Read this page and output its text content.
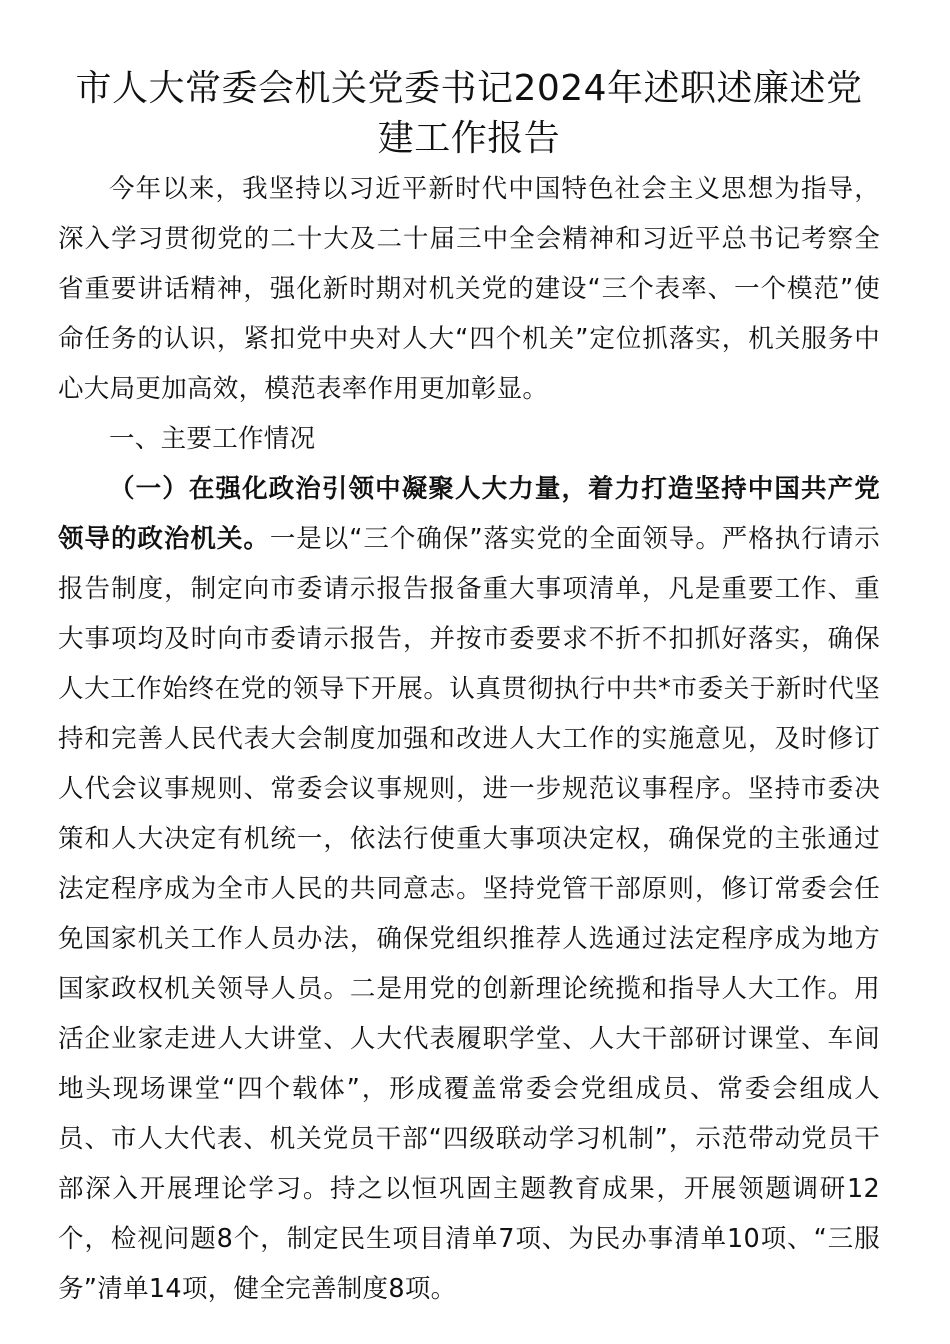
市人大常委会机关党委书记2024年述职述廉述党建工作报告

今年以来，我坚持以习近平新时代中国特色社会主义思想为指导，深入学习贯彻党的二十大及二十届三中全会精神和习近平总书记考察全省重要讲话精神，强化新时期对机关党的建设“三个表率、一个模范”使命任务的认识，紧扣党中央对人大“四个机关”定位抓落实，机关服务中心大局更加高效，模范表率作用更加彰显。

一、主要工作情况

（一）在强化政治引领中凝聚人大力量，着力打造坚持中国共产党领导的政治机关。一是以“三个确保”落实党的全面领导。严格执行请示报告制度，制定向市委请示报告报备重大事项清单，凡是重要工作、重大事项均及时向市委请示报告，并按市委要求不折不扣抓好落实，确保人大工作始终在党的领导下开展。认真贯彻执行中共*市委关于新时代坚持和完善人民代表大会制度加强和改进人大工作的实施意见，及时修订人代会议事规则、常委会议事规则，进一步规范议事程序。坚持市委决策和人大决定有机统一，依法行使重大事项决定权，确保党的主张通过法定程序成为全市人民的共同意志。坚持党管干部原则，修订常委会任免国家机关工作人员办法，确保党组织推荐人选通过法定程序成为地方国家政权机关领导人员。二是用党的创新理论统揽和指导人大工作。用活企业家走进人大讲堂、人大代表履职学堂、人大干部研讨课堂、车间地头现场课堂“四个载体”，形成覆盖常委会党组成员、常委会组成人员、市人大代表、机关党员干部“四级联动学习机制”，示范带动党员干部深入开展理论学习。持之以恒巩固主题教育成果，开展领题调研12个，检视问题8个，制定民生项目清单7项、为民办事清单10项、“三服务”清单14项，健全完善制度8项。
